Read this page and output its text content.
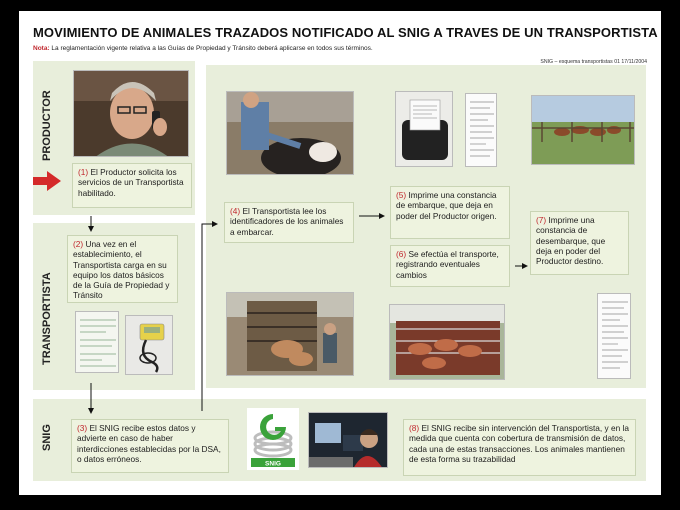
MOVIMIENTO DE ANIMALES TRAZADOS NOTIFICADO AL SNIG A TRAVES DE UN TRANSPORTISTA
Nota: La reglamentación vigente relativa a las Guías de Propiedad y Tránsito deberá aplicarse en todos sus términos.
SNIG – esquema transportistas 01 17/11/2004
PRODUCTOR
TRANSPORTISTA
SNIG
SNIG
(1) El Productor solicita los servicios de un Transportista habilitado.
(2) Una vez en el establecimiento, el Transportista carga en su equipo los datos básicos de la Guía de Propiedad y Tránsito
(3) El SNIG recibe estos datos y advierte en caso de haber interdicciones establecidas por la DSA, o datos erróneos.
(4) El Transportista lee los identificadores de los animales a embarcar.
(5) Imprime una constancia de embarque, que deja en poder del Productor origen.
(6) Se efectúa el transporte, registrando eventuales cambios
(7) Imprime una constancia de desembarque, que deja en poder del Productor destino.
(8) El SNIG recibe sin intervención del Transportista, y en la medida que cuenta con cobertura de transmisión de datos, cada una de estas transacciones. Los animales mantienen de esta forma su trazabilidad
